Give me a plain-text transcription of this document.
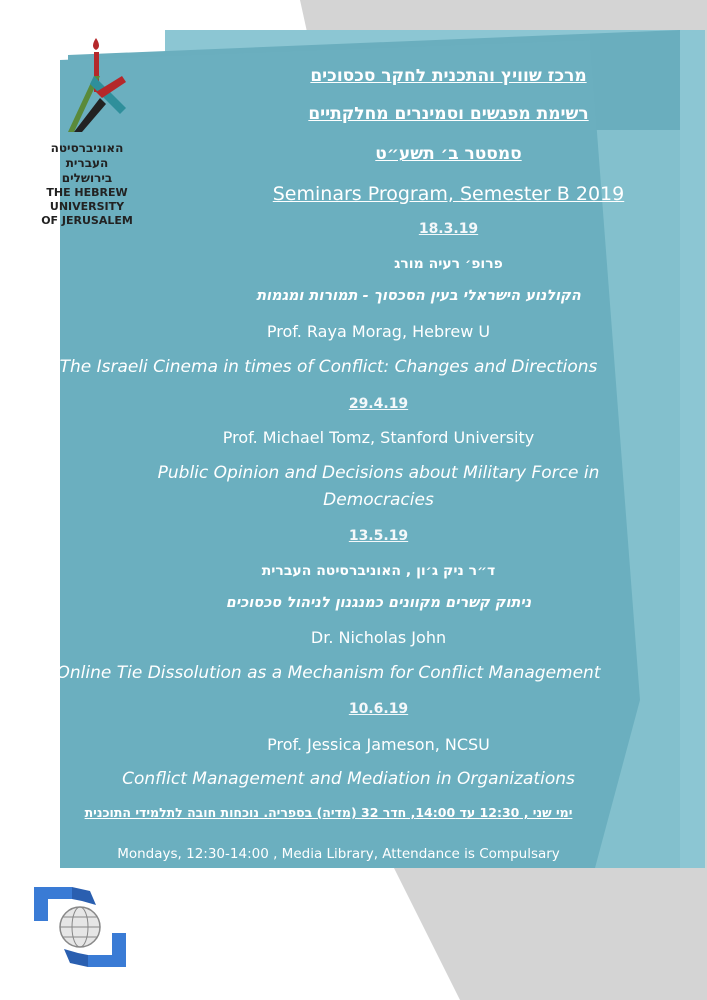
האוניברסיטה
העברית
בירושלים
THE HEBREW
UNIVERSITY
OF JERUSALEM
מרכז שוויץ והתכנית לחקר סכסוכים
רשימת מפגשים וסמינרים מחלקתיים
סמסטר ב׳ תשע״ט
Seminars Program, Semester B 2019
18.3.19
פרופ׳ רעיה מורג
הקולנוע הישראלי בעין הסכסוך - תמורות ומגמות
Prof. Raya Morag, Hebrew U
The Israeli Cinema in times of Conflict: Changes and Directions
29.4.19
Prof. Michael Tomz, Stanford University
Public Opinion and Decisions about Military Force in
Democracies
13.5.19
ד״ר ניק ג׳ון , האוניברסיטה העברית
ניתוק קשרים מקוונים כמנגנון לניהול סכסוכים
Dr. Nicholas John
Online Tie Dissolution as a Mechanism for Conflict Management
10.6.19
Prof. Jessica Jameson, NCSU
Conflict Management and Mediation in Organizations
ימי שני , 12:30 עד 14:00, חדר 32 (מדיה) בספריה. נוכחות חובה לתלמידי התוכנית
Mondays, 12:30-14:00 , Media Library, Attendance is Compulsary
